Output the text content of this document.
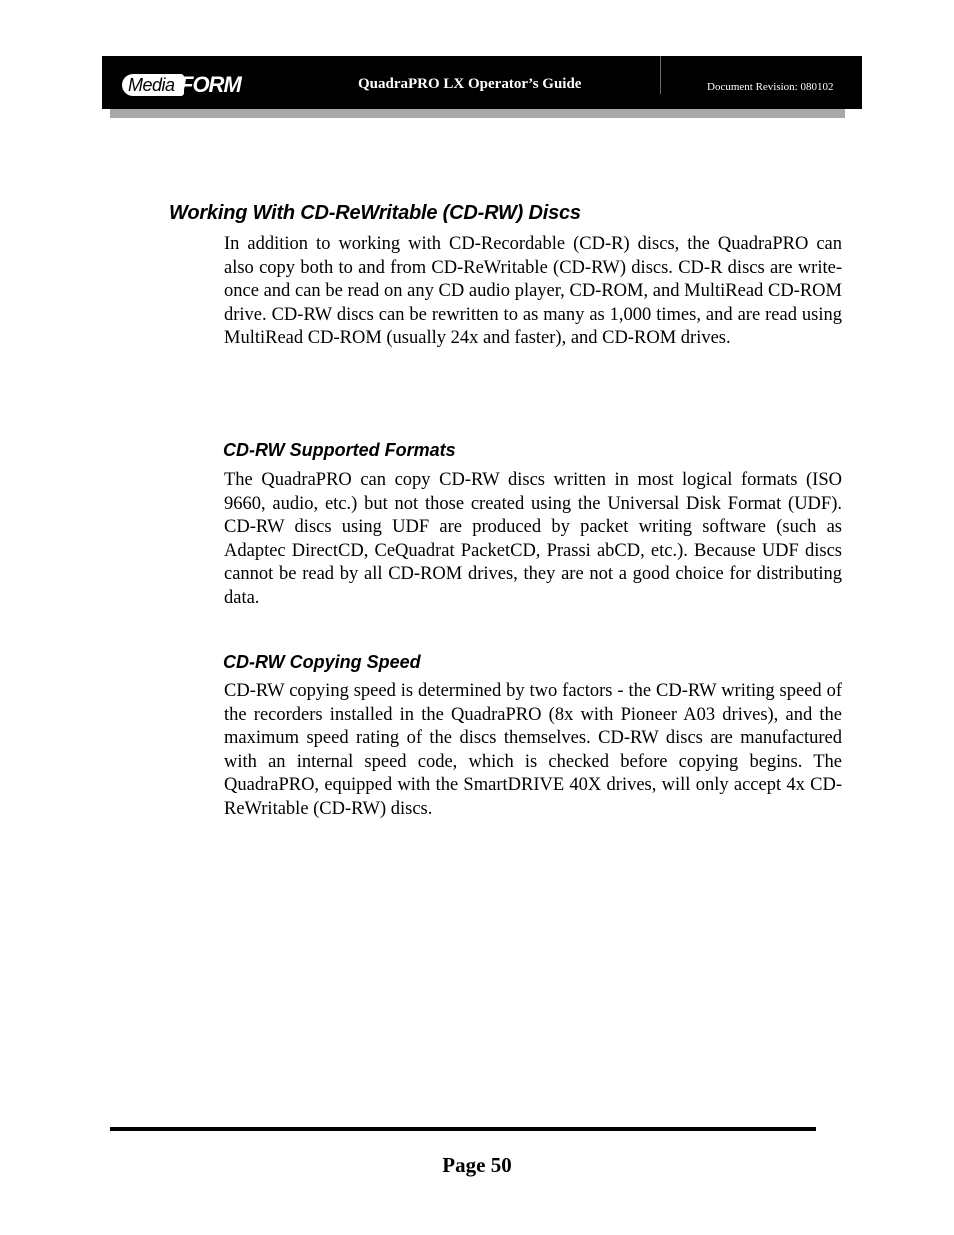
Media FORM	QuadraPRO LX Operator’s Guide	Document Revision: 080102
Working With CD-ReWritable (CD-RW) Discs

In addition to working with CD-Recordable (CD-R) discs, the QuadraPRO can also copy both to and from CD-ReWritable (CD-RW) discs. CD-R discs are write-once and can be read on any CD audio player, CD-ROM, and MultiRead CD-ROM drive. CD-RW discs can be rewritten to as many as 1,000 times, and are read using MultiRead CD-ROM (usually 24x and faster), and CD-ROM drives.

CD-RW Supported Formats

The QuadraPRO can copy CD-RW discs written in most logical formats (ISO 9660, audio, etc.) but not those created using the Universal Disk Format (UDF). CD-RW discs using UDF are produced by packet writing software (such as Adaptec DirectCD, CeQuadrat PacketCD, Prassi abCD, etc.). Because UDF discs cannot be read by all CD-ROM drives, they are not a good choice for distributing data.

CD-RW Copying Speed

CD-RW copying speed is determined by two factors - the CD-RW writing speed of the recorders installed in the QuadraPRO (8x with Pioneer A03 drives), and the maximum speed rating of the discs themselves. CD-RW discs are manufactured with an internal speed code, which is checked before copying begins. The QuadraPRO, equipped with the SmartDRIVE 40X drives, will only accept 4x CD-ReWritable (CD-RW) discs.

Page 50
